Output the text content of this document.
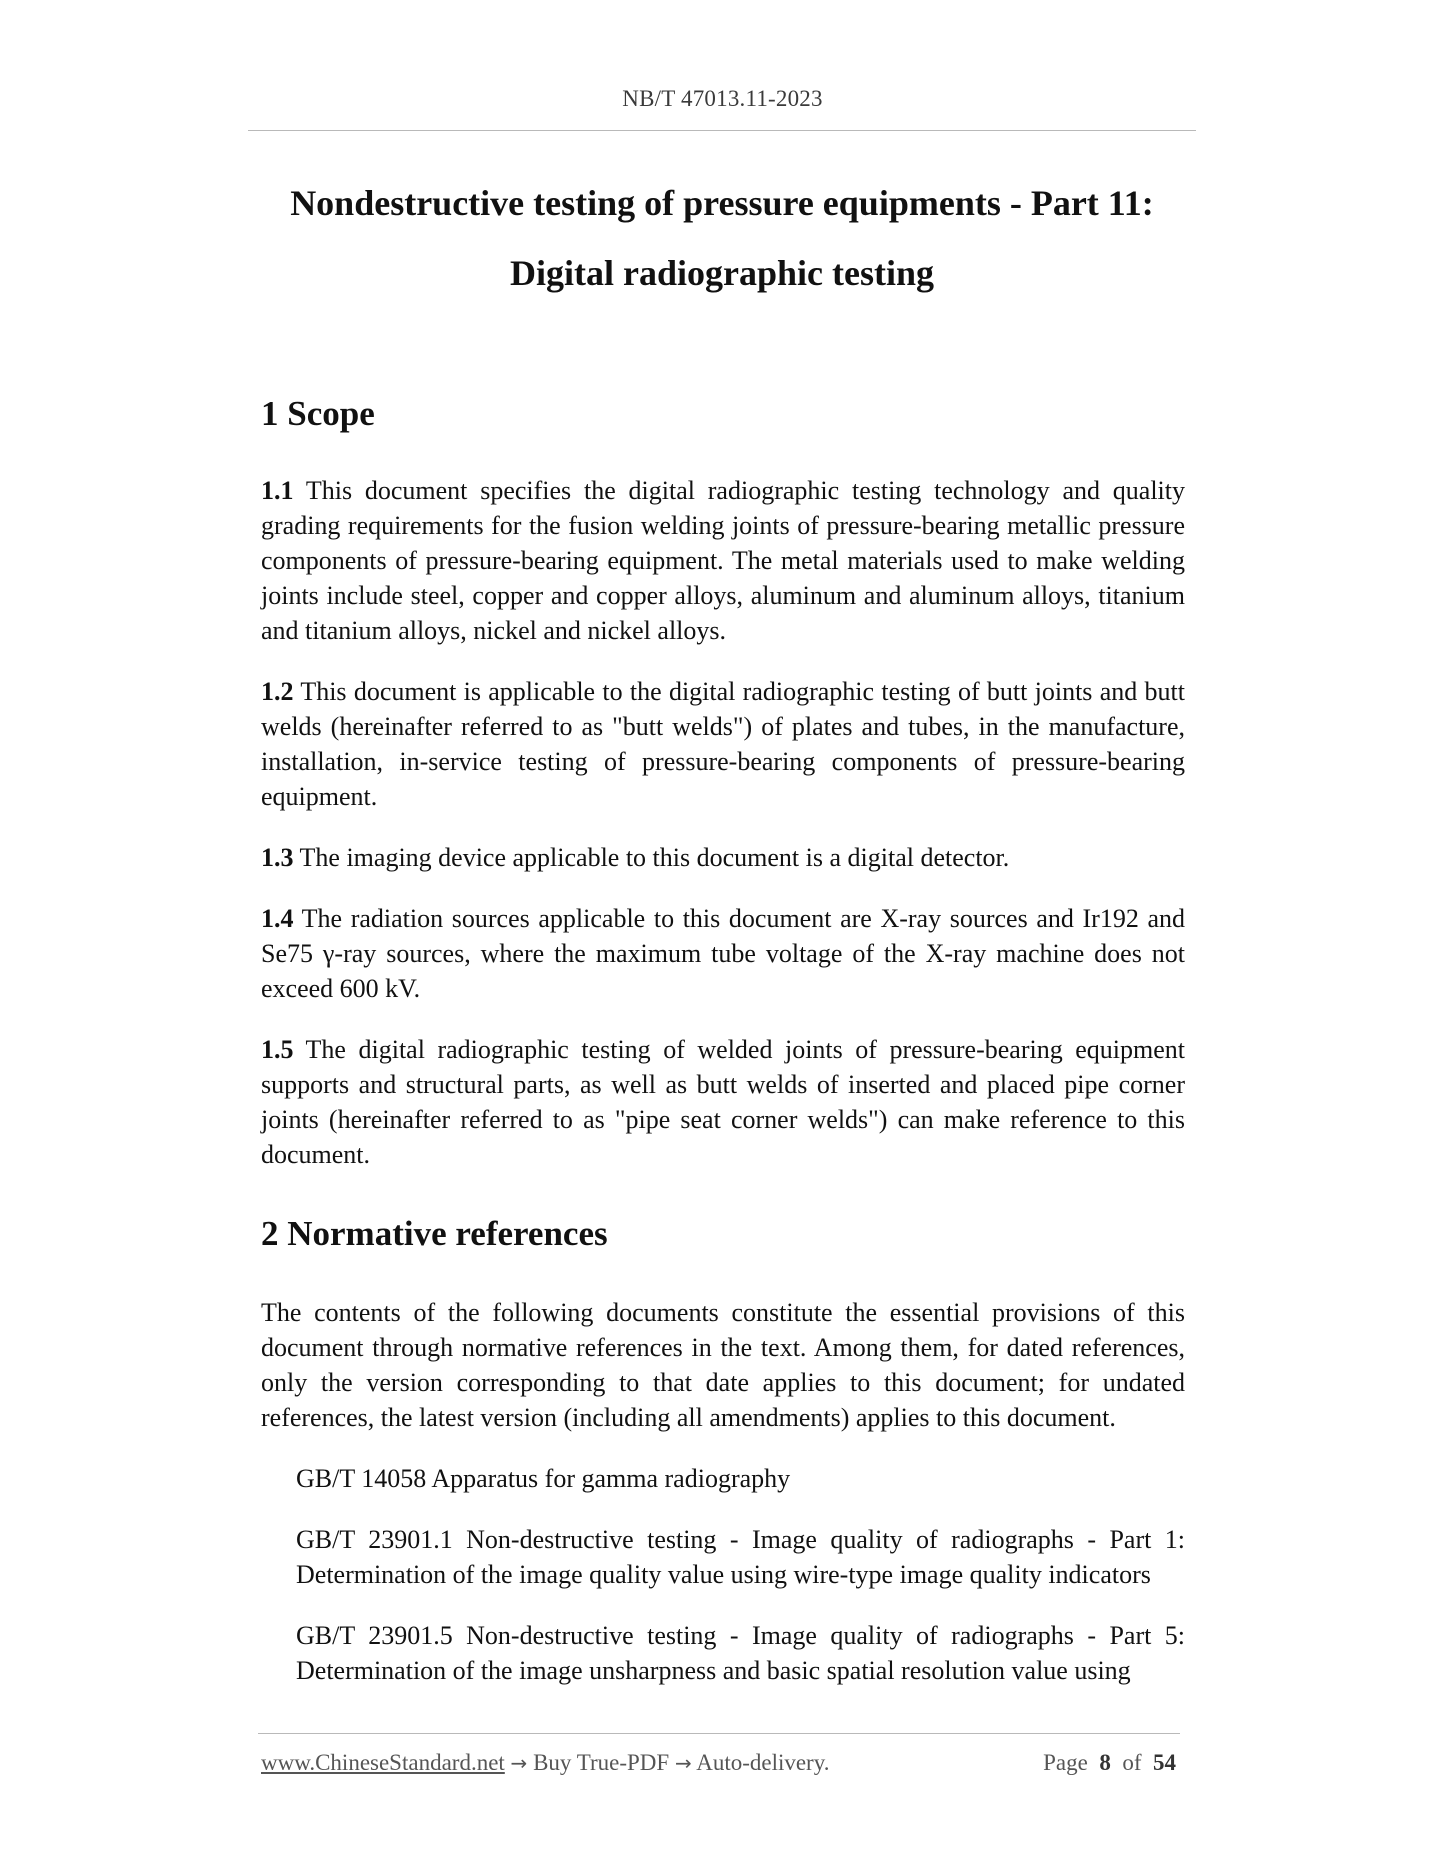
NB/T 47013.11-2023
Nondestructive testing of pressure equipments - Part 11:
Digital radiographic testing
1 Scope

1.1 This document specifies the digital radiographic testing technology and quality grading requirements for the fusion welding joints of pressure-bearing metallic pressure components of pressure-bearing equipment. The metal materials used to make welding joints include steel, copper and copper alloys, aluminum and aluminum alloys, titanium and titanium alloys, nickel and nickel alloys.

1.2 This document is applicable to the digital radiographic testing of butt joints and butt welds (hereinafter referred to as "butt welds") of plates and tubes, in the manufacture, installation, in-service testing of pressure-bearing components of pressure-bearing equipment.

1.3 The imaging device applicable to this document is a digital detector.

1.4 The radiation sources applicable to this document are X-ray sources and Ir192 and Se75 γ-ray sources, where the maximum tube voltage of the X-ray machine does not exceed 600 kV.

1.5 The digital radiographic testing of welded joints of pressure-bearing equipment supports and structural parts, as well as butt welds of inserted and placed pipe corner joints (hereinafter referred to as "pipe seat corner welds") can make reference to this document.

2 Normative references

The contents of the following documents constitute the essential provisions of this document through normative references in the text. Among them, for dated references, only the version corresponding to that date applies to this document; for undated references, the latest version (including all amendments) applies to this document.

GB/T 14058 Apparatus for gamma radiography

GB/T 23901.1 Non-destructive testing - Image quality of radiographs - Part 1: Determination of the image quality value using wire-type image quality indicators

GB/T 23901.5 Non-destructive testing - Image quality of radiographs - Part 5: Determination of the image unsharpness and basic spatial resolution value using

www.ChineseStandard.net → Buy True-PDF → Auto-delivery.	Page 8 of 54
